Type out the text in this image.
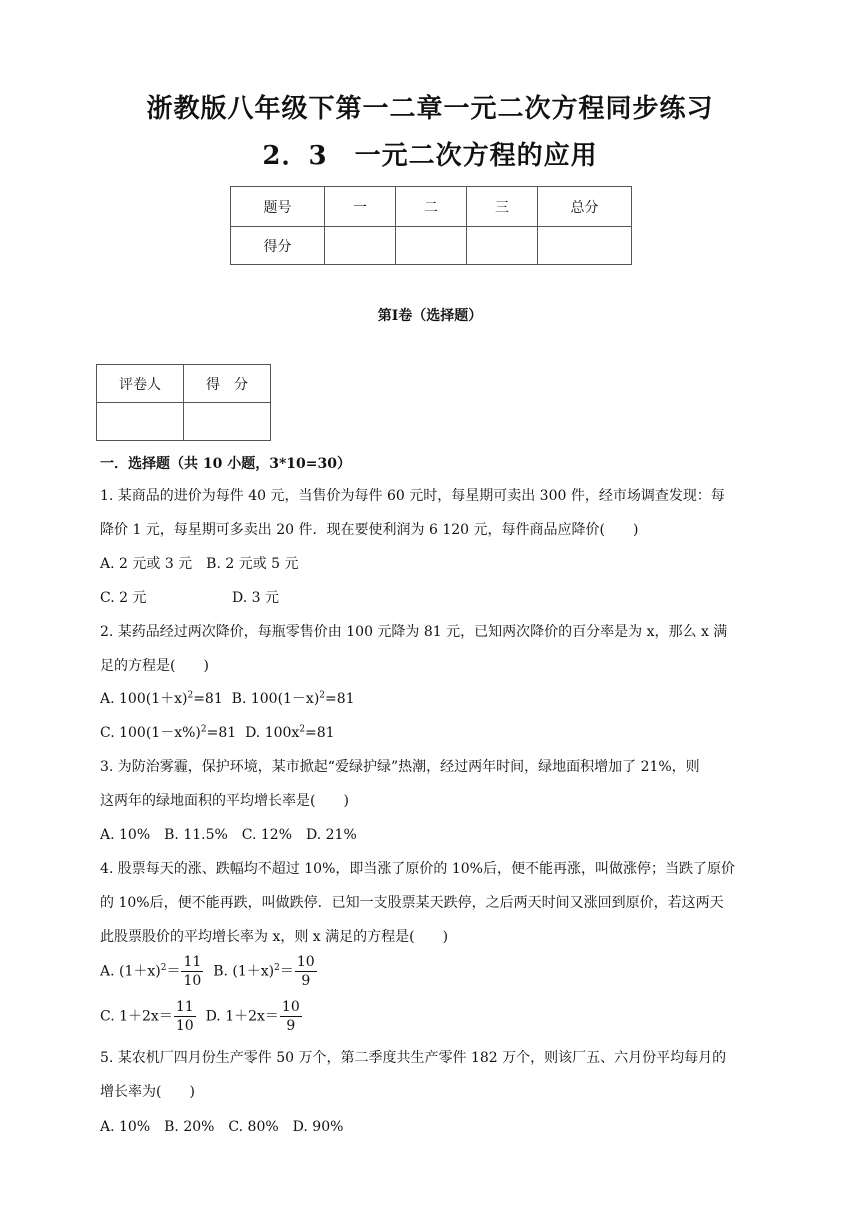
浙教版八年级下第一二章一元二次方程同步练习
2．3　一元二次方程的应用
题号	一	二	三	总分
得分				
第Ⅰ卷（选择题）
评卷人	得　分

一．选择题（共 10 小题，3*10=30）
1. 某商品的进价为每件 40 元，当售价为每件 60 元时，每星期可卖出 300 件，经市场调查发现：每
降价 1 元，每星期可多卖出 20 件．现在要使利润为 6 120 元，每件商品应降价(　　)
A. 2 元或 3 元　B. 2 元或 5 元
C. 2 元	D. 3 元
2. 某药品经过两次降价，每瓶零售价由 100 元降为 81 元，已知两次降价的百分率是为 x，那么 x 满
足的方程是(　　)
A. $100(1+x)^2=81$ B. $100(1-x)^2=81$
C. $100(1-x\%)^2=81$ D. $100x^2=81$
3. 为防治雾霾，保护环境，某市掀起“爱绿护绿”热潮，经过两年时间，绿地面积增加了 21%，则
这两年的绿地面积的平均增长率是(　　)
A. 10%　B. 11.5%　C. 12%　D. 21%
4. 股票每天的涨、跌幅均不超过 10%，即当涨了原价的 10%后，便不能再涨，叫做涨停；当跌了原价
的 10%后，便不能再跌，叫做跌停．已知一支股票某天跌停，之后两天时间又涨回到原价，若这两天
此股票股价的平均增长率为 x，则 x 满足的方程是(　　)
A. $(1+x)^2= \frac{11}{10} B$. $(1+x)^2= \frac{10}{9}$
C. $1+2x= \frac{11}{10} D$. $1+2x= \frac{10}{9}$
5. 某农机厂四月份生产零件 50 万个，第二季度共生产零件 182 万个，则该厂五、六月份平均每月的
增长率为(　　)
A. 10%　B. 20%　C. 80%　D. 90%
